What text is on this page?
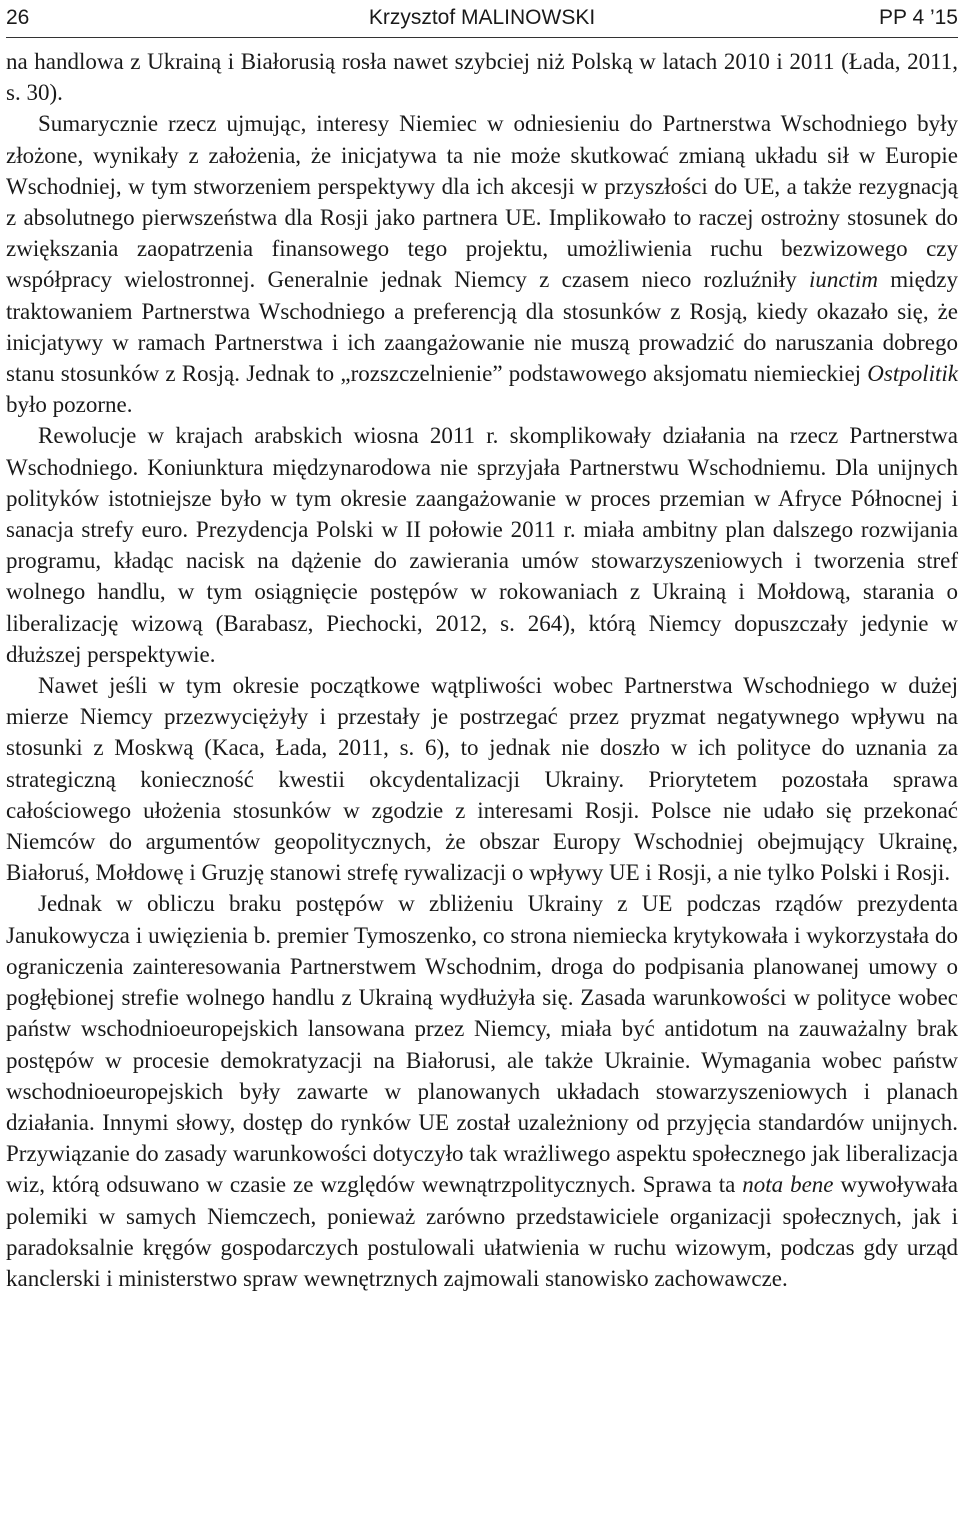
26	Krzysztof MALINOWSKI	PP 4 ’15

na handlowa z Ukrainą i Białorusią rosła nawet szybciej niż Polską w latach 2010 i 2011 (Łada, 2011, s. 30).

Sumarycznie rzecz ujmując, interesy Niemiec w odniesieniu do Partnerstwa Wschodniego były złożone, wynikały z założenia, że inicjatywa ta nie może skutkować zmianą układu sił w Europie Wschodniej, w tym stworzeniem perspektywy dla ich akcesji w przyszłości do UE, a także rezygnacją z absolutnego pierwszeństwa dla Rosji jako partnera UE. Implikowało to raczej ostrożny stosunek do zwiększania zaopatrzenia finansowego tego projektu, umożliwienia ruchu bezwizowego czy współpracy wielostronnej. Generalnie jednak Niemcy z czasem nieco rozluźniły iunctim między traktowaniem Partnerstwa Wschodniego a preferencją dla stosunków z Rosją, kiedy okazało się, że inicjatywy w ramach Partnerstwa i ich zaangażowanie nie muszą prowadzić do naruszania dobrego stanu stosunków z Rosją. Jednak to „rozszczelnienie” podstawowego aksjomatu niemieckiej Ostpolitik było pozorne.

Rewolucje w krajach arabskich wiosna 2011 r. skomplikowały działania na rzecz Partnerstwa Wschodniego. Koniunktura międzynarodowa nie sprzyjała Partnerstwu Wschodniemu. Dla unijnych polityków istotniejsze było w tym okresie zaangażowanie w proces przemian w Afryce Północnej i sanacja strefy euro. Prezydencja Polski w II połowie 2011 r. miała ambitny plan dalszego rozwijania programu, kładąc nacisk na dążenie do zawierania umów stowarzyszeniowych i tworzenia stref wolnego handlu, w tym osiągnięcie postępów w rokowaniach z Ukrainą i Mołdową, starania o liberalizację wizową (Barabasz, Piechocki, 2012, s. 264), którą Niemcy dopuszczały jedynie w dłuższej perspektywie.

Nawet jeśli w tym okresie początkowe wątpliwości wobec Partnerstwa Wschodniego w dużej mierze Niemcy przezwyciężyły i przestały je postrzegać przez pryzmat negatywnego wpływu na stosunki z Moskwą (Kaca, Łada, 2011, s. 6), to jednak nie doszło w ich polityce do uznania za strategiczną konieczność kwestii okcydentalizacji Ukrainy. Priorytetem pozostała sprawa całościowego ułożenia stosunków w zgodzie z interesami Rosji. Polsce nie udało się przekonać Niemców do argumentów geopolitycznych, że obszar Europy Wschodniej obejmujący Ukrainę, Białoruś, Mołdowę i Gruzję stanowi strefę rywalizacji o wpływy UE i Rosji, a nie tylko Polski i Rosji.

Jednak w obliczu braku postępów w zbliżeniu Ukrainy z UE podczas rządów prezydenta Janukowycza i uwięzienia b. premier Tymoszenko, co strona niemiecka krytykowała i wykorzystała do ograniczenia zainteresowania Partnerstwem Wschodnim, droga do podpisania planowanej umowy o pogłębionej strefie wolnego handlu z Ukrainą wydłużyła się. Zasada warunkowości w polityce wobec państw wschodnioeuropejskich lansowana przez Niemcy, miała być antidotum na zauważalny brak postępów w procesie demokratyzacji na Białorusi, ale także Ukrainie. Wymagania wobec państw wschodnioeuropejskich były zawarte w planowanych układach stowarzyszeniowych i planach działania. Innymi słowy, dostęp do rynków UE został uzależniony od przyjęcia standardów unijnych. Przywiązanie do zasady warunkowości dotyczyło tak wrażliwego aspektu społecznego jak liberalizacja wiz, którą odsuwano w czasie ze względów wewnątrzpolitycznych. Sprawa ta nota bene wywoływała polemiki w samych Niemczech, ponieważ zarówno przedstawiciele organizacji społecznych, jak i paradoksalnie kręgów gospodarczych postulowali ułatwienia w ruchu wizowym, podczas gdy urząd kanclerski i ministerstwo spraw wewnętrznych zajmowali stanowisko zachowawcze.
